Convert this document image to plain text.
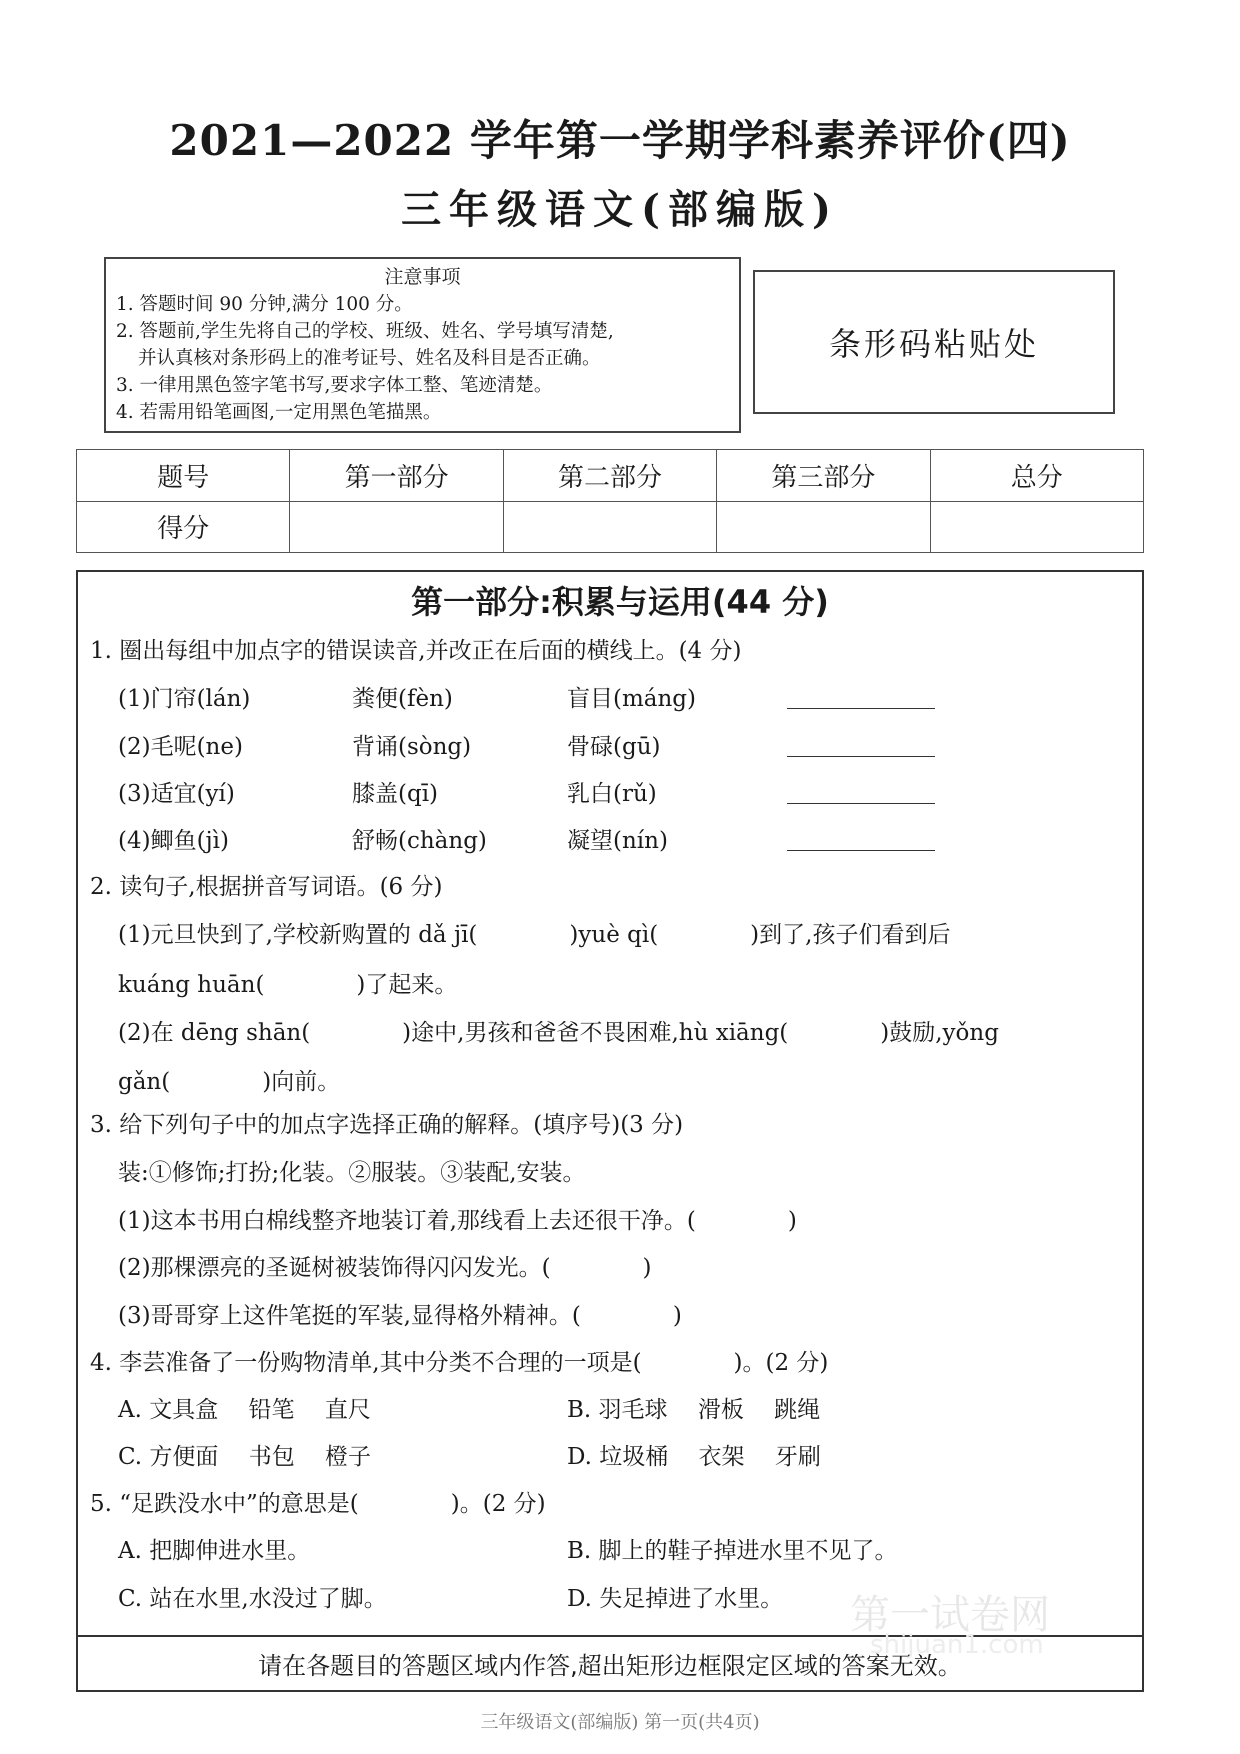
2021—2022 学年第一学期学科素养评价(四)
三年级语文(部编版)
注意事项
1. 答题时间 90 分钟,满分 100 分。
2. 答题前,学生先将自己的学校、班级、姓名、学号填写清楚,
并认真核对条形码上的准考证号、姓名及科目是否正确。
3. 一律用黑色签字笔书写,要求字体工整、笔迹清楚。
4. 若需用铅笔画图,一定用黑色笔描黑。
条形码粘贴处
题号	第一部分	第二部分	第三部分	总分
得分				
请在各题目的答题区域内作答,超出矩形边框限定区域的答案无效。
第一部分:积累与运用(44 分)
1. 圈出每组中加点字的错误读音,并改正在后面的横线上。(4 分)
(1)门帘(lán)	粪便(fèn)	盲目(máng)
(2)毛呢(ne)	背诵(sòng)	骨碌(gū)
(3)适宜(yí)	膝盖(qī)	乳白(rǔ)
(4)鲫鱼(jì)	舒畅(chàng)	凝望(nín)
2. 读句子,根据拼音写词语。(6 分)
(1)元旦快到了,学校新购置的 dǎ jī(　　　　)yuè qì(　　　　)到了,孩子们看到后
kuáng huān(　　　　)了起来。
(2)在 dēng shān(　　　　)途中,男孩和爸爸不畏困难,hù xiāng(　　　　)鼓励,yǒng
gǎn(　　　　)向前。
3. 给下列句子中的加点字选择正确的解释。(填序号)(3 分)
装:①修饰;打扮;化装。②服装。③装配,安装。
(1)这本书用白棉线整齐地装订着,那线看上去还很干净。(　　　　)
(2)那棵漂亮的圣诞树被装饰得闪闪发光。(　　　　)
(3)哥哥穿上这件笔挺的军装,显得格外精神。(　　　　)
4. 李芸准备了一份购物清单,其中分类不合理的一项是(　　　　)。(2 分)
A. 文具盒　 铅笔　 直尺	B. 羽毛球　 滑板　 跳绳
C. 方便面　 书包　 橙子	D. 垃圾桶　 衣架　 牙刷
5. “足跌没水中”的意思是(　　　　)。(2 分)
A. 把脚伸进水里。	B. 脚上的鞋子掉进水里不见了。
C. 站在水里,水没过了脚。	D. 失足掉进了水里。 第一试卷网
shijuan1.com
三年级语文(部编版) 第一页(共4页)
